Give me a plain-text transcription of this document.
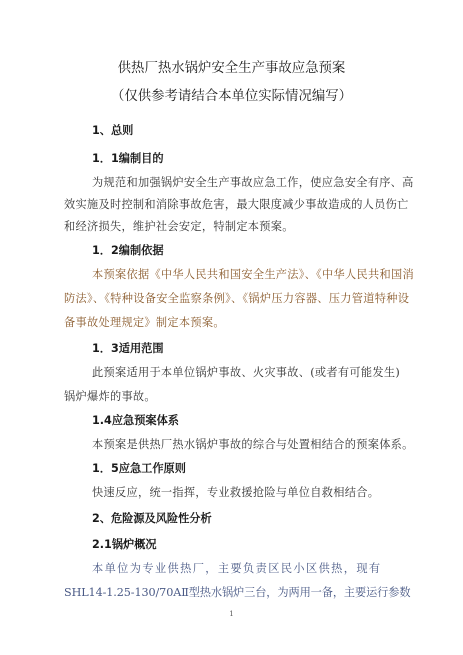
供热厂热水锅炉安全生产事故应急预案
（仅供参考请结合本单位实际情况编写）
1、总则
1．1编制目的
为规范和加强锅炉安全生产事故应急工作，使应急安全有序、高
效实施及时控制和消除事故危害，最大限度减少事故造成的人员伤亡
和经济损失，维护社会安定，特制定本预案。
1．2编制依据
本预案依据《中华人民共和国安全生产法》、《中华人民共和国消
防法》、《特种设备安全监察条例》、《锅炉压力容器、压力管道特种设
备事故处理规定》制定本预案。
1．3适用范围
此预案适用于本单位锅炉事故、火灾事故、(或者有可能发生)
锅炉爆炸的事故。
1.4应急预案体系
本预案是供热厂热水锅炉事故的综合与处置相结合的预案体系。
1．5应急工作原则
快速反应，统一指挥，专业救援抢险与单位自救相结合。
2、危险源及风险性分析
2.1锅炉概况
本单位为专业供热厂，主要负责区民小区供热，现有
SHL14-1.25-130/70AⅡ型热水锅炉三台，为两用一备，主要运行参数
1
